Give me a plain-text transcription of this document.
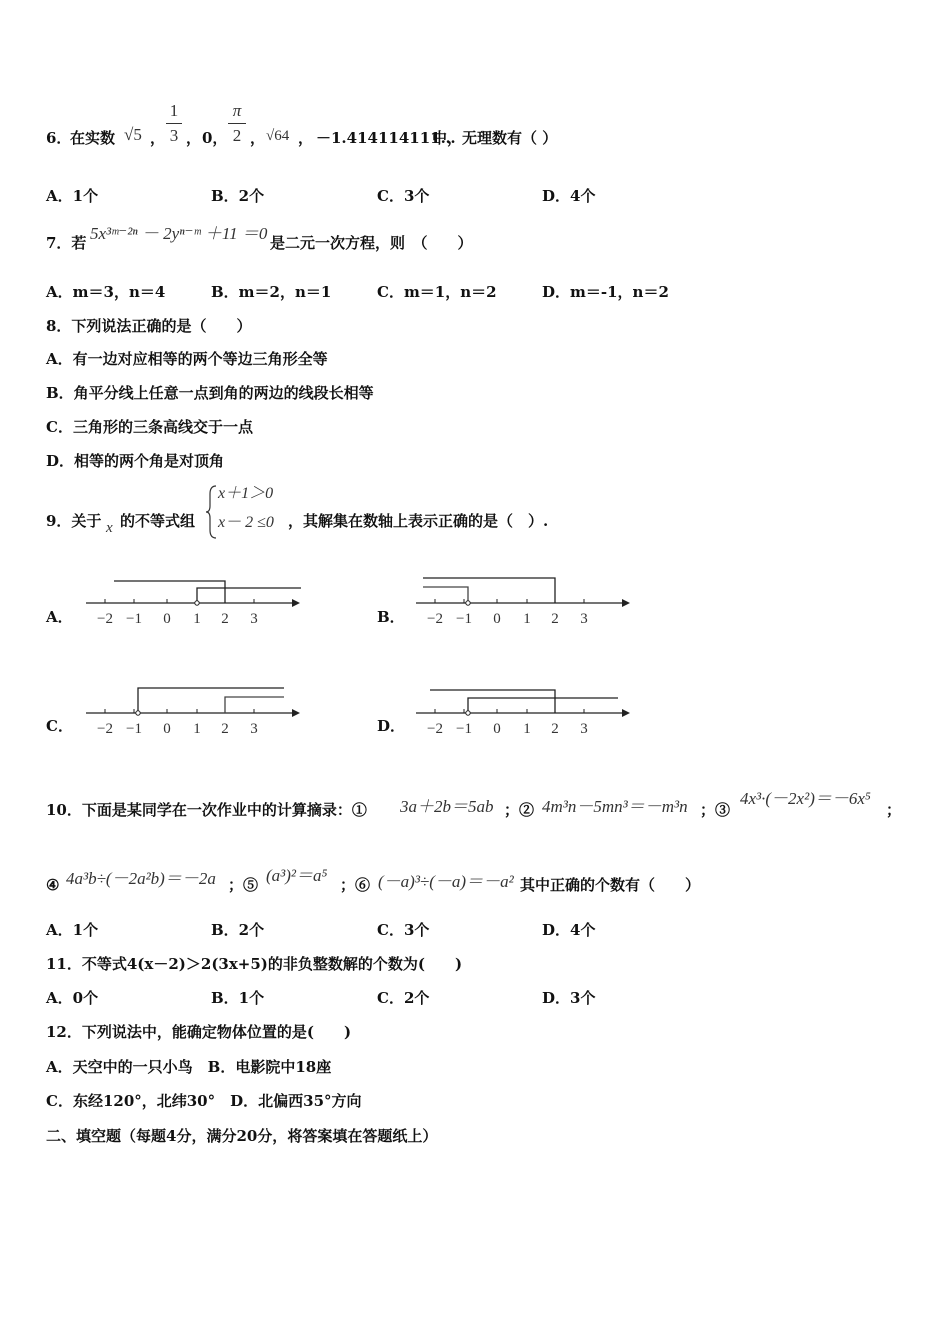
6．
在实数 √5 ，
1
3 ， 0，
π
2 ， √64 ， －1.414114111…
中，无理数有（ ）
A．1个	B．2个	C．3个	D．4个
7．若 5x³ᵐ⁻²ⁿ － 2yⁿ⁻ᵐ ＋11 ＝0 是二元一次方程，则　（　　）
A．m＝3，n＝4	B．m＝2，n＝1	C．m＝1，n＝2	D．m＝-1，n＝2
8．下列说法正确的是（　　）
A．有一边对应相等的两个等边三角形全等
B．角平分线上任意一点到角的两边的线段长相等
C．三角形的三条高线交于一点
D．相等的两个角是对顶角
9．关于 x 的不等式组
x＋1＞0
x－ 2 ≤0 ，其解集在数轴上表示正确的是（　）.
A．	B．
C．	D．
−2 −1 0 1 2 3	−2 −1 0 1 2 3
−2 −1 0 1 2 3	−2 −1 0 1 2 3
10．下面是某同学在一次作业中的计算摘录：① 3a＋2b＝5ab ；② 4m³n－5mn³＝－m³n ；③
4x³·(－2x²)＝－6x⁵
；
④ 4a³b÷(－2a²b)＝－2a ；⑤ (a³)²＝a⁵ ；⑥ (－a)³÷(－a)＝－a² 其中正确的个数有（　　）
A．1个	B．2个	C．3个	D．4个
11．不等式4(x－2)＞2(3x+5)的非负整数解的个数为(　　)
A．0个	B．1个	C．2个	D．3个
12．下列说法中，能确定物体位置的是(　　)
A．天空中的一只小鸟　B．电影院中18座
C．东经120°，北纬30°　D．北偏西35°方向
二、填空题（每题4分，满分20分，将答案填在答题纸上）
